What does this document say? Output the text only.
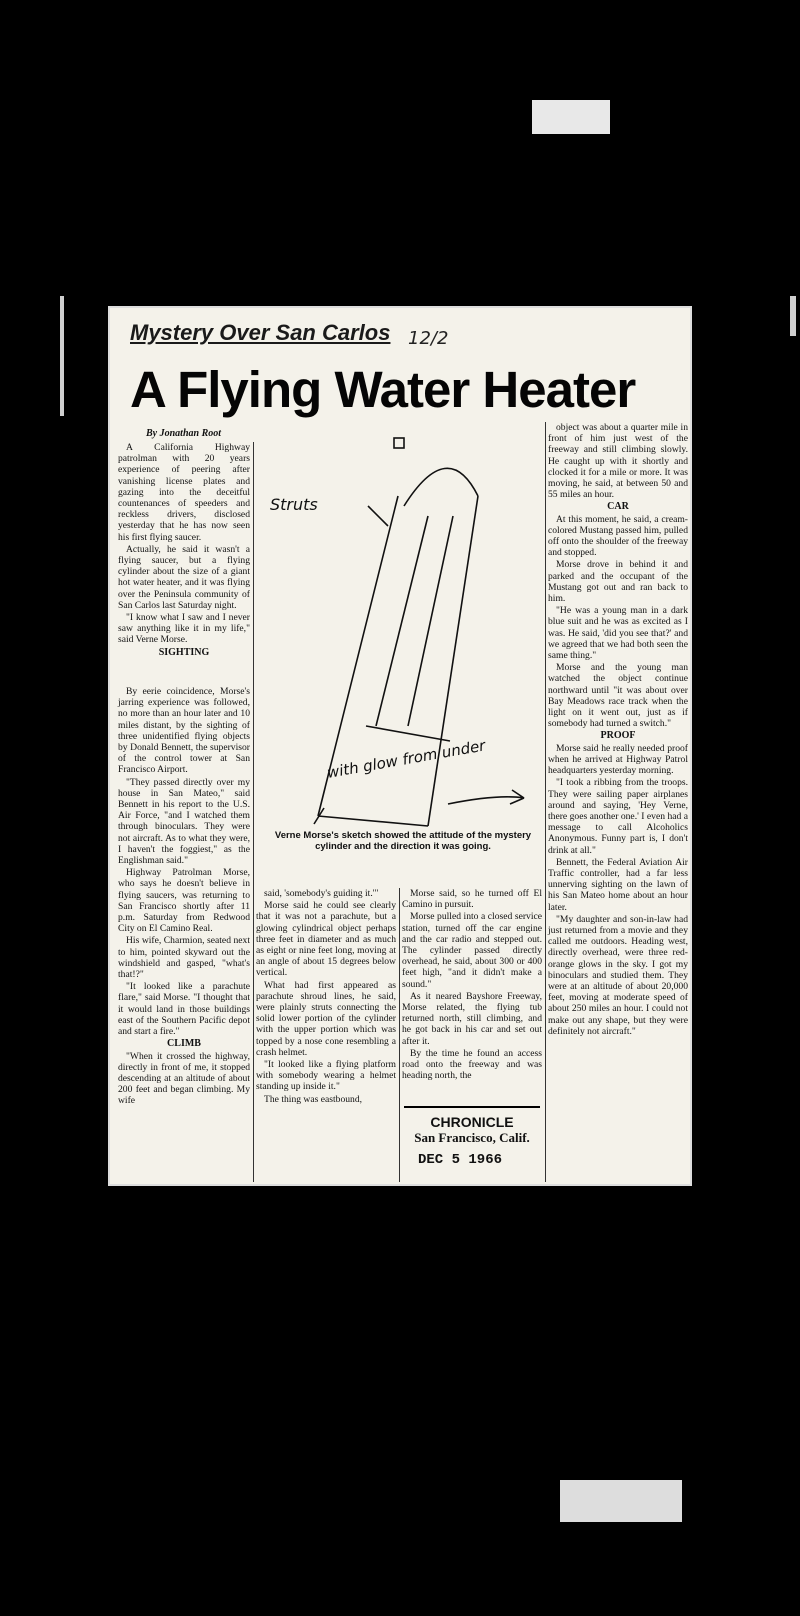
Mystery Over San Carlos 12/2
A Flying Water Heater
By Jonathan Root

A California Highway patrolman with 20 years experience of peering after vanishing license plates and gazing into the deceitful countenances of speeders and reckless drivers, disclosed yesterday that he has now seen his first flying saucer.

Actually, he said it wasn't a flying saucer, but a flying cylinder about the size of a giant hot water heater, and it was flying over the Peninsula community of San Carlos last Saturday night.

"I know what I saw and I never saw anything like it in my life," said Verne Morse.

SIGHTING

By eerie coincidence, Morse's jarring experience was followed, no more than an hour later and 10 miles distant, by the sighting of three unidentified flying objects by Donald Bennett, the supervisor of the control tower at San Francisco Airport.

"They passed directly over my house in San Mateo," said Bennett in his report to the U.S. Air Force, "and I watched them through binoculars. They were not aircraft. As to what they were, I haven't the foggiest," as the Englishman said."

Highway Patrolman Morse, who says he doesn't believe in flying saucers, was returning to San Francisco shortly after 11 p.m. Saturday from Redwood City on El Camino Real.

His wife, Charmion, seated next to him, pointed skyward out the windshield and gasped, "what's that!?"

"It looked like a parachute flare," said Morse. "I thought that it would land in those buildings east of the Southern Pacific depot and start a fire."

CLIMB

"When it crossed the highway, directly in front of me, it stopped descending at an altitude of about 200 feet and began climbing. My wife

Struts
with glow from under
Verne Morse's sketch showed the attitude of the mystery cylinder and the direction it was going.

said, 'somebody's guiding it.'"

Morse said he could see clearly that it was not a parachute, but a glowing cylindrical object perhaps three feet in diameter and as much as eight or nine feet long, moving at an angle of about 15 degrees below vertical.

What had first appeared as parachute shroud lines, he said, were plainly struts connecting the solid lower portion of the cylinder with the upper portion which was topped by a nose cone resembling a crash helmet.

"It looked like a flying platform with somebody wearing a helmet standing up inside it."

The thing was eastbound,

Morse said, so he turned off El Camino in pursuit.

Morse pulled into a closed service station, turned off the car engine and the car radio and stepped out. The cylinder passed directly overhead, he said, about 300 or 400 feet high, "and it didn't make a sound."

As it neared Bayshore Freeway, Morse related, the flying tub returned north, still climbing, and he got back in his car and set out after it.

By the time he found an access road onto the freeway and was heading north, the

CHRONICLE
San Francisco, Calif.
DEC 5 1966

object was about a quarter mile in front of him just west of the freeway and still climbing slowly. He caught up with it shortly and clocked it for a mile or more. It was moving, he said, at between 50 and 55 miles an hour.

CAR

At this moment, he said, a cream-colored Mustang passed him, pulled off onto the shoulder of the freeway and stopped.

Morse drove in behind it and parked and the occupant of the Mustang got out and ran back to him.

"He was a young man in a dark blue suit and he was as excited as I was. He said, 'did you see that?' and we agreed that we had both seen the same thing."

Morse and the young man watched the object continue northward until "it was about over Bay Meadows race track when the light on it went out, just as if somebody had turned a switch."

PROOF

Morse said he really needed proof when he arrived at Highway Patrol headquarters yesterday morning.

"I took a ribbing from the troops. They were sailing paper airplanes around and saying, 'Hey Verne, there goes another one.' I even had a message to call Alcoholics Anonymous. Funny part is, I don't drink at all."

Bennett, the Federal Aviation Air Traffic controller, had a far less unnerving sighting on the lawn of his San Mateo home about an hour later.

"My daughter and son-in-law had just returned from a movie and they called me outdoors. Heading west, directly overhead, were three red-orange glows in the sky. I got my binoculars and studied them. They were at an altitude of about 20,000 feet, moving at moderate speed of about 250 miles an hour. I could not make out any shape, but they were definitely not aircraft."
